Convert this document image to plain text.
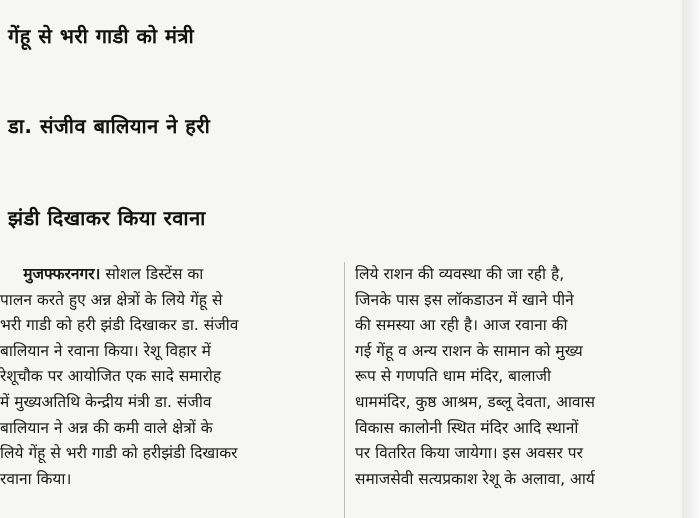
गेंहू से भरी गाडी को मंत्री
डा. संजीव बालियान ने हरी
झंडी दिखाकर किया रवाना
  मुजफ्फरनगर। सोशल डिस्टेंस का
पालन करते हुए अन्न क्षेत्रों के लिये गेंहू से
भरी गाडी को हरी झंडी दिखाकर डा. संजीव
बालियान ने रवाना किया। रेशू विहार में
रेशूचौक पर आयोजित एक सादे समारोह
में मुख्यअतिथि केन्द्रीय मंत्री डा. संजीव
बालियान ने अन्न की कमी वाले क्षेत्रों के
लिये गेंहू से भरी गाडी को हरीझंडी दिखाकर
रवाना किया।
लिये राशन की व्यवस्था की जा रही है,
जिनके पास इस लॉकडाउन में खाने पीने
की समस्या आ रही है। आज रवाना की
गई गेंहू व अन्य राशन के सामान को मुख्य
रूप से गणपति धाम मंदिर, बालाजी
धाममंदिर, कुष्ठ आश्रम, डब्लू देवता, आवास
विकास कालोनी स्थित मंदिर आदि स्थानों
पर वितरित किया जायेगा। इस अवसर पर
समाजसेवी सत्यप्रकाश रेशू के अलावा, आर्य
